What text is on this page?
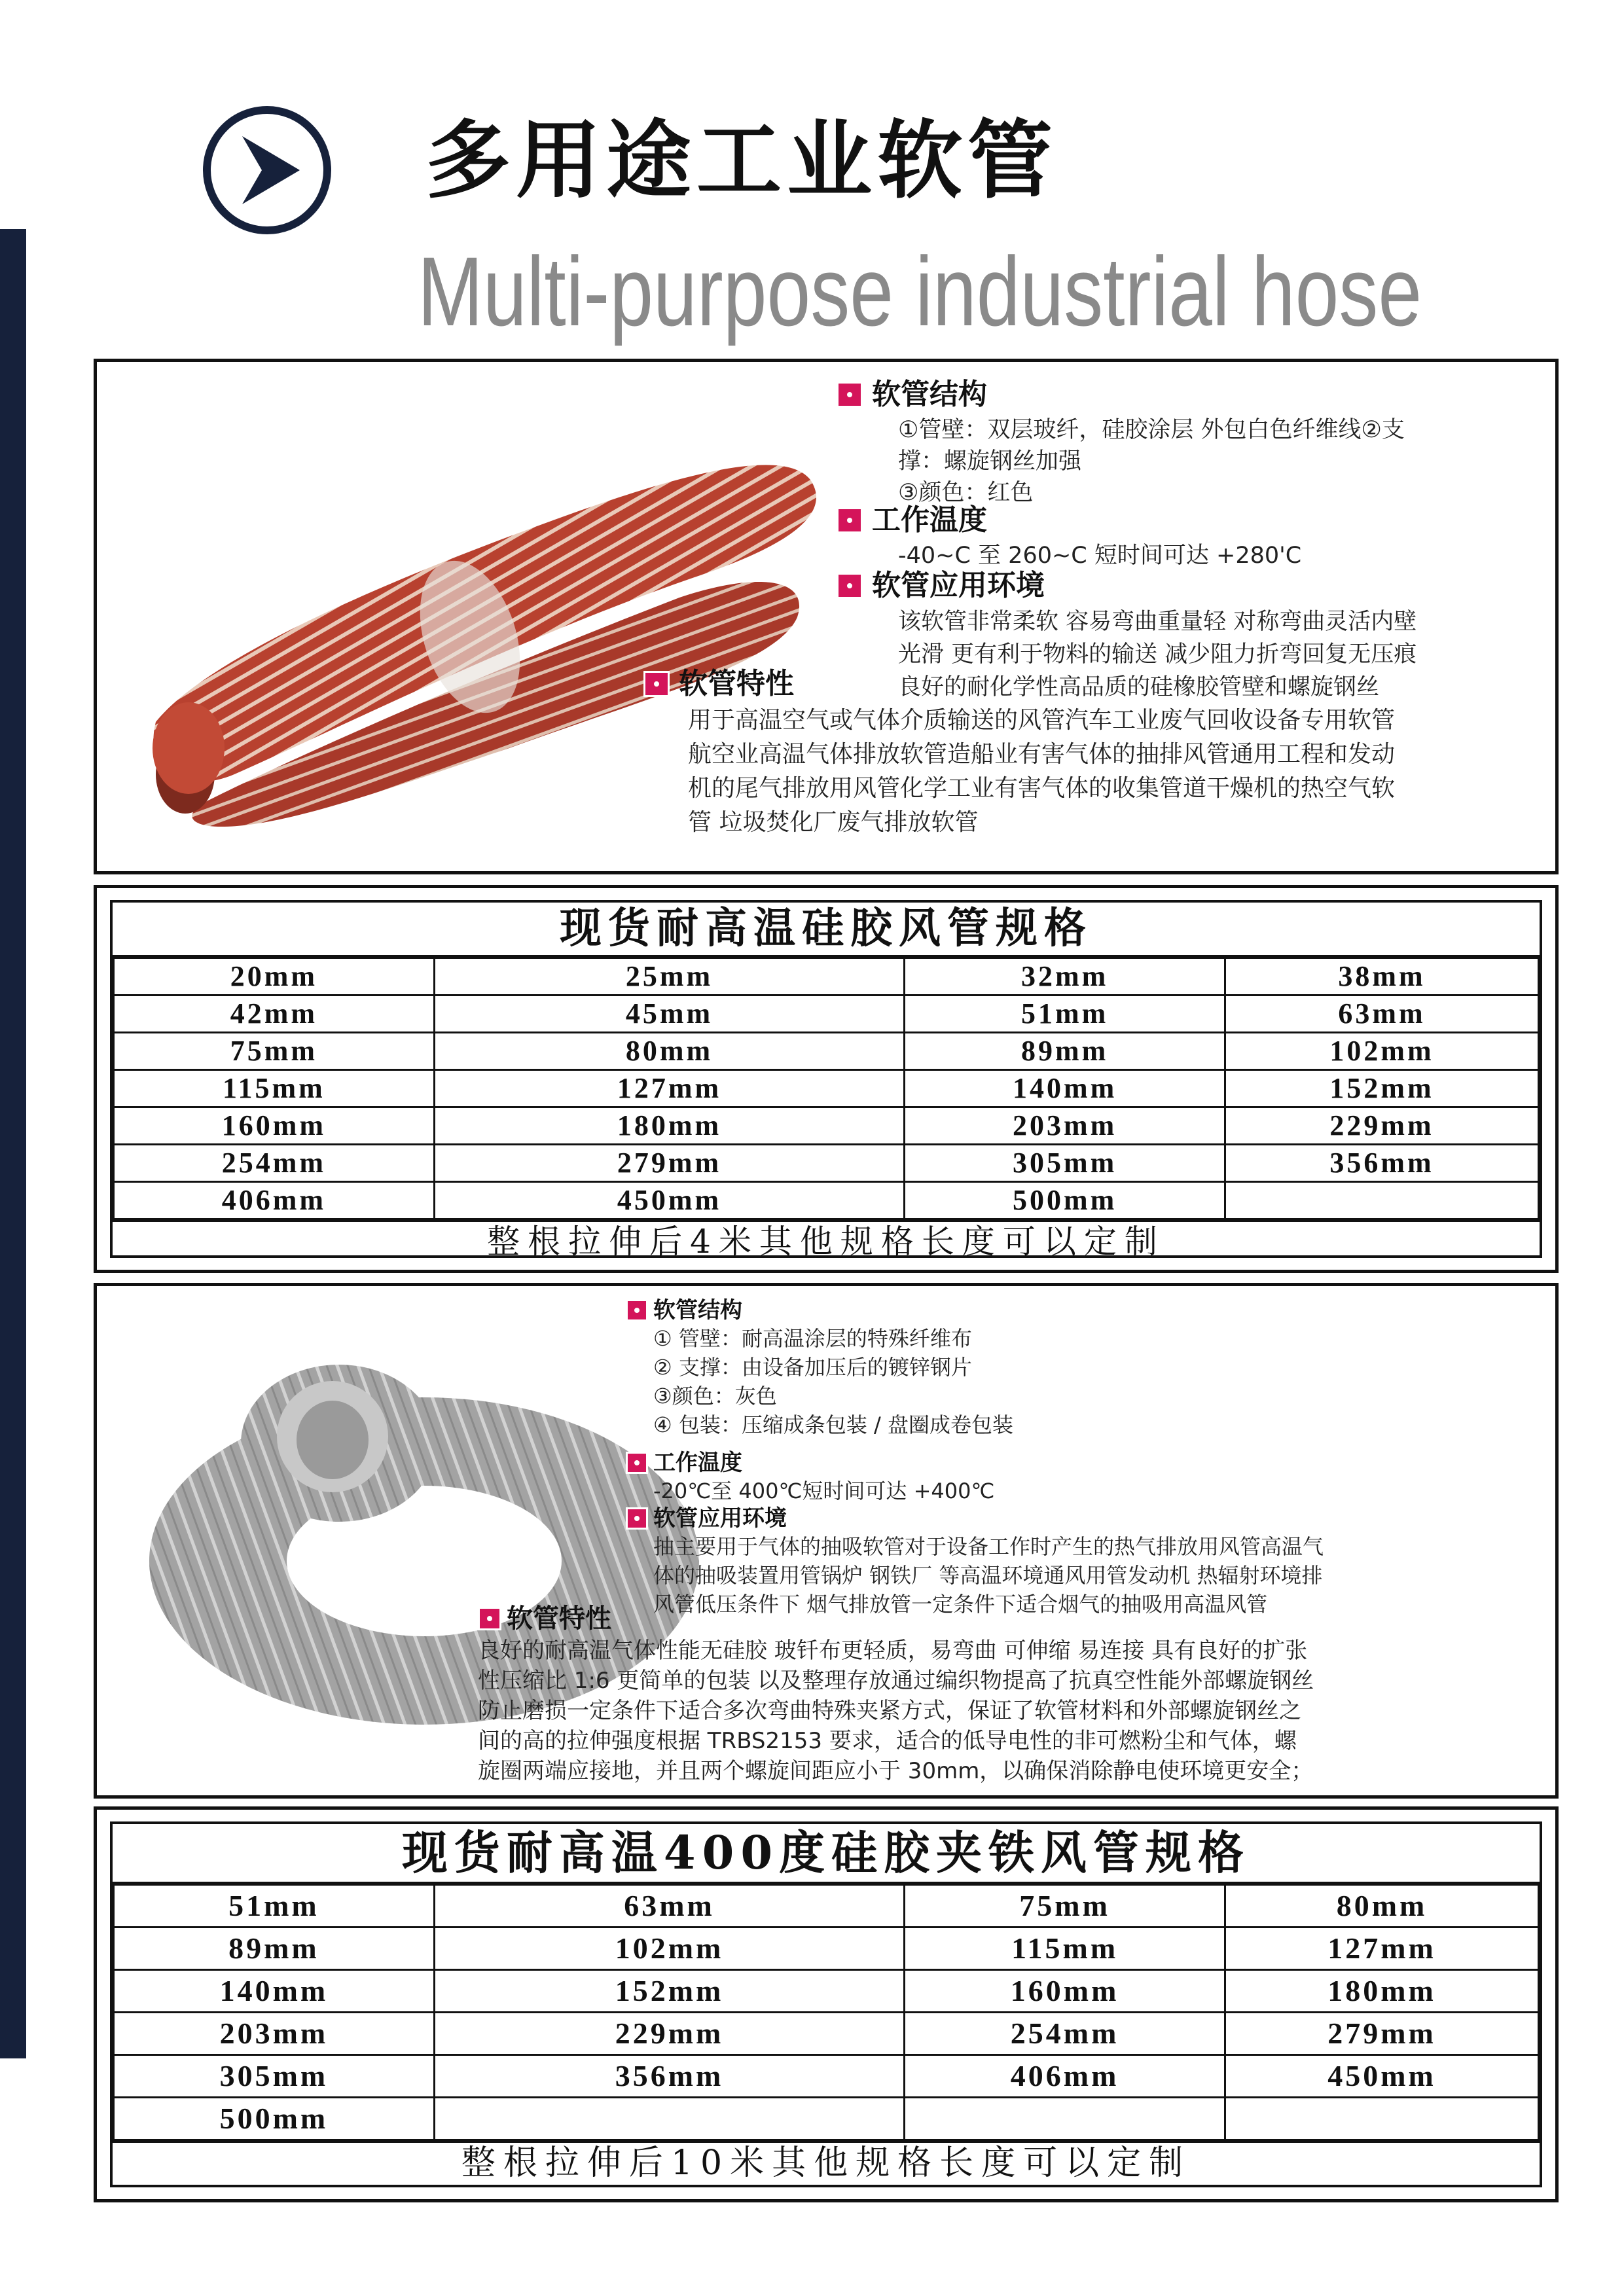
多用途工业软管
Multi-purpose industrial hose
软管结构
①管壁：双层玻纤，硅胶涂层 外包白色纤维线②支
撑：螺旋钢丝加强
③颜色：红色
工作温度
-40~C 至 260~C 短时间可达 +280'C
软管应用环境
该软管非常柔软 容易弯曲重量轻 对称弯曲灵活内壁
光滑 更有利于物料的输送 减少阻力折弯回复无压痕
良好的耐化学性高品质的硅橡胶管壁和螺旋钢丝
软管特性
用于高温空气或气体介质输送的风管汽车工业废气回收设备专用软管
航空业高温气体排放软管造船业有害气体的抽排风管通用工程和发动
机的尾气排放用风管化学工业有害气体的收集管道干燥机的热空气软
管 垃圾焚化厂废气排放软管
现货耐高温硅胶风管规格
20mm	25mm	32mm	38mm
42mm	45mm	51mm	63mm
75mm	80mm	89mm	102mm
115mm	127mm	140mm	152mm
160mm	180mm	203mm	229mm
254mm	279mm	305mm	356mm
406mm	450mm	500mm	
整根拉伸后4米其他规格长度可以定制
软管结构
① 管壁：耐高温涂层的特殊纤维布
② 支撑：由设备加压后的镀锌钢片
③颜色：灰色
④ 包装：压缩成条包装 / 盘圈成卷包装
工作温度
-20℃至 400℃短时间可达 +400℃
软管应用环境
抽主要用于气体的抽吸软管对于设备工作时产生的热气排放用风管高温气
体的抽吸装置用管锅炉 钢铁厂 等高温环境通风用管发动机 热辐射环境排
风管低压条件下 烟气排放管一定条件下适合烟气的抽吸用高温风管
软管特性
良好的耐高温气体性能无硅胶 玻钎布更轻质，易弯曲 可伸缩 易连接 具有良好的扩张
性压缩比 1:6 更简单的包装 以及整理存放通过编织物提高了抗真空性能外部螺旋钢丝
防止磨损一定条件下适合多次弯曲特殊夹紧方式，保证了软管材料和外部螺旋钢丝之
间的高的拉伸强度根据 TRBS2153 要求，适合的低导电性的非可燃粉尘和气体，螺
旋圈两端应接地，并且两个螺旋间距应小于 30mm，以确保消除静电使环境更安全；
现货耐高温400度硅胶夹铁风管规格
51mm	63mm	75mm	80mm
89mm	102mm	115mm	127mm
140mm	152mm	160mm	180mm
203mm	229mm	254mm	279mm
305mm	356mm	406mm	450mm
500mm			
整根拉伸后10米其他规格长度可以定制
